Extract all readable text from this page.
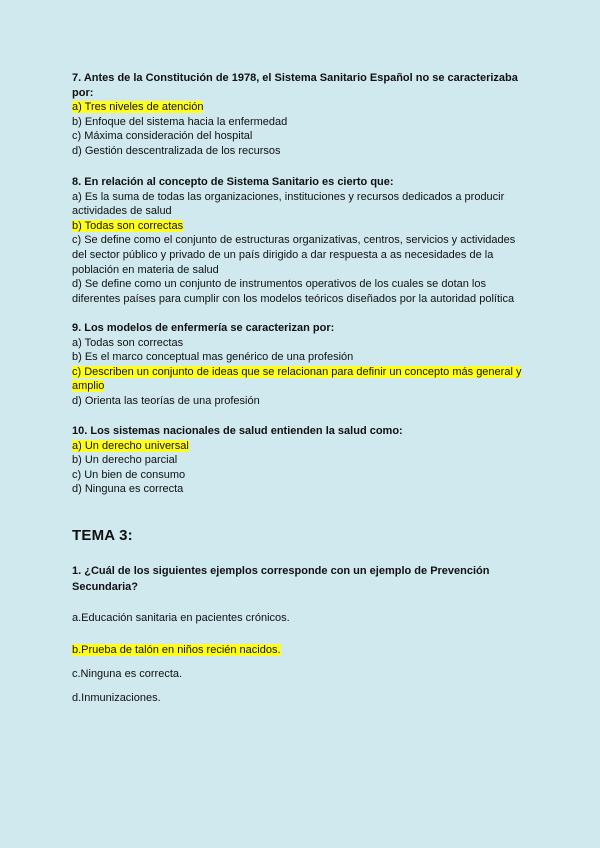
7. Antes de la Constitución de 1978, el Sistema Sanitario Español no se caracterizaba por:
a) Tres niveles de atención
b) Enfoque del sistema hacia la enfermedad
c) Máxima consideración del hospital
d) Gestión descentralizada de los recursos
8. En relación al concepto de Sistema Sanitario es cierto que:
a) Es la suma de todas las organizaciones, instituciones y recursos dedicados a producir actividades de salud
b) Todas son correctas
c) Se define como el conjunto de estructuras organizativas, centros, servicios y actividades del sector público y privado de un país dirigido a dar respuesta a as necesidades de la población en materia de salud
d) Se define como un conjunto de instrumentos operativos de los cuales se dotan los diferentes países para cumplir con los modelos teóricos diseñados por la autoridad política
9. Los modelos de enfermería se caracterizan por:
a) Todas son correctas
b) Es el marco conceptual mas genérico de una profesión
c) Describen un conjunto de ideas que se relacionan para definir un concepto más general y amplio
d) Orienta las teorías de una profesión
10. Los sistemas nacionales de salud entienden la salud como:
a) Un derecho universal
b) Un derecho parcial
c) Un bien de consumo
d) Ninguna es correcta
TEMA 3:
1. ¿Cuál de los siguientes ejemplos corresponde con un ejemplo de Prevención Secundaria?
a.Educación sanitaria en pacientes crónicos.
b.Prueba de talón en niños recién nacidos.
c.Ninguna es correcta.
d.Inmunizaciones.
